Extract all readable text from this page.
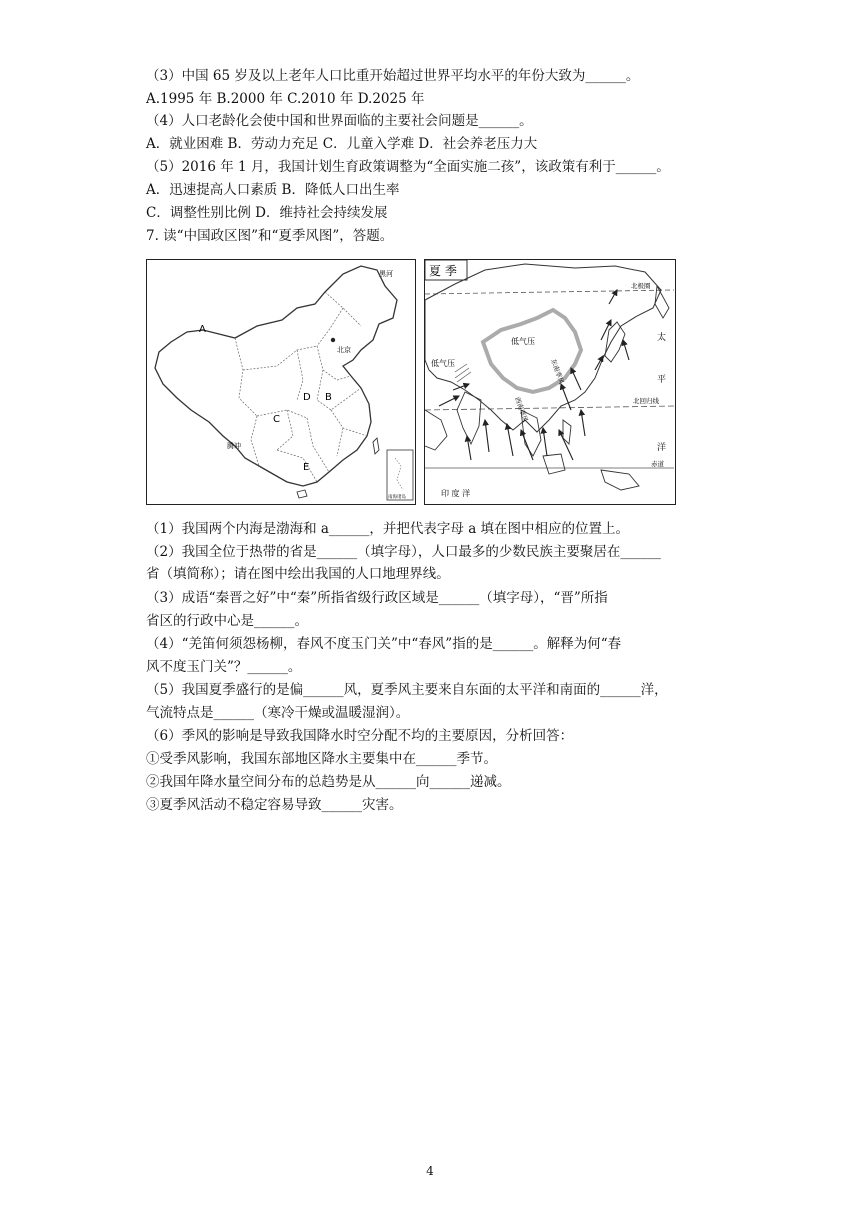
（3）中国 65 岁及以上老年人口比重开始超过世界平均水平的年份大致为______。
A.1995 年 B.2000 年 C.2010 年 D.2025 年
（4）人口老龄化会使中国和世界面临的主要社会问题是______。
A．就业困难 B．劳动力充足 C．儿童入学难 D．社会养老压力大
（5）2016 年 1 月，我国计划生育政策调整为“全面实施二孩”，该政策有利于______。
A．迅速提高人口素质 B．降低人口出生率
C．调整性别比例 D．维持社会持续发展
7. 读“中国政区图”和“夏季风图”，答题。
A
B
C
D
E
黑河
腾冲
北京
南海诸岛
夏 季
北极圈
北回归线
赤道
低气压
低气压
太
平
洋
印 度 洋
东南季风
西南季风
（1）我国两个内海是渤海和 a______，并把代表字母 a 填在图中相应的位置上。
（2）我国全位于热带的省是______（填字母），人口最多的少数民族主要聚居在______
省（填简称）；请在图中绘出我国的人口地理界线。
（3）成语“秦晋之好”中“秦”所指省级行政区域是______（填字母），“晋”所指
省区的行政中心是______。
（4）“羌笛何须怨杨柳，春风不度玉门关”中“春风”指的是______。解释为何“春
风不度玉门关”？______。
（5）我国夏季盛行的是偏______风，夏季风主要来自东面的太平洋和南面的______洋，
气流特点是______（寒冷干燥或温暖湿润）。
（6）季风的影响是导致我国降水时空分配不均的主要原因，分析回答：
①受季风影响，我国东部地区降水主要集中在______季节。
②我国年降水量空间分布的总趋势是从______向______递减。
③夏季风活动不稳定容易导致______灾害。
4
